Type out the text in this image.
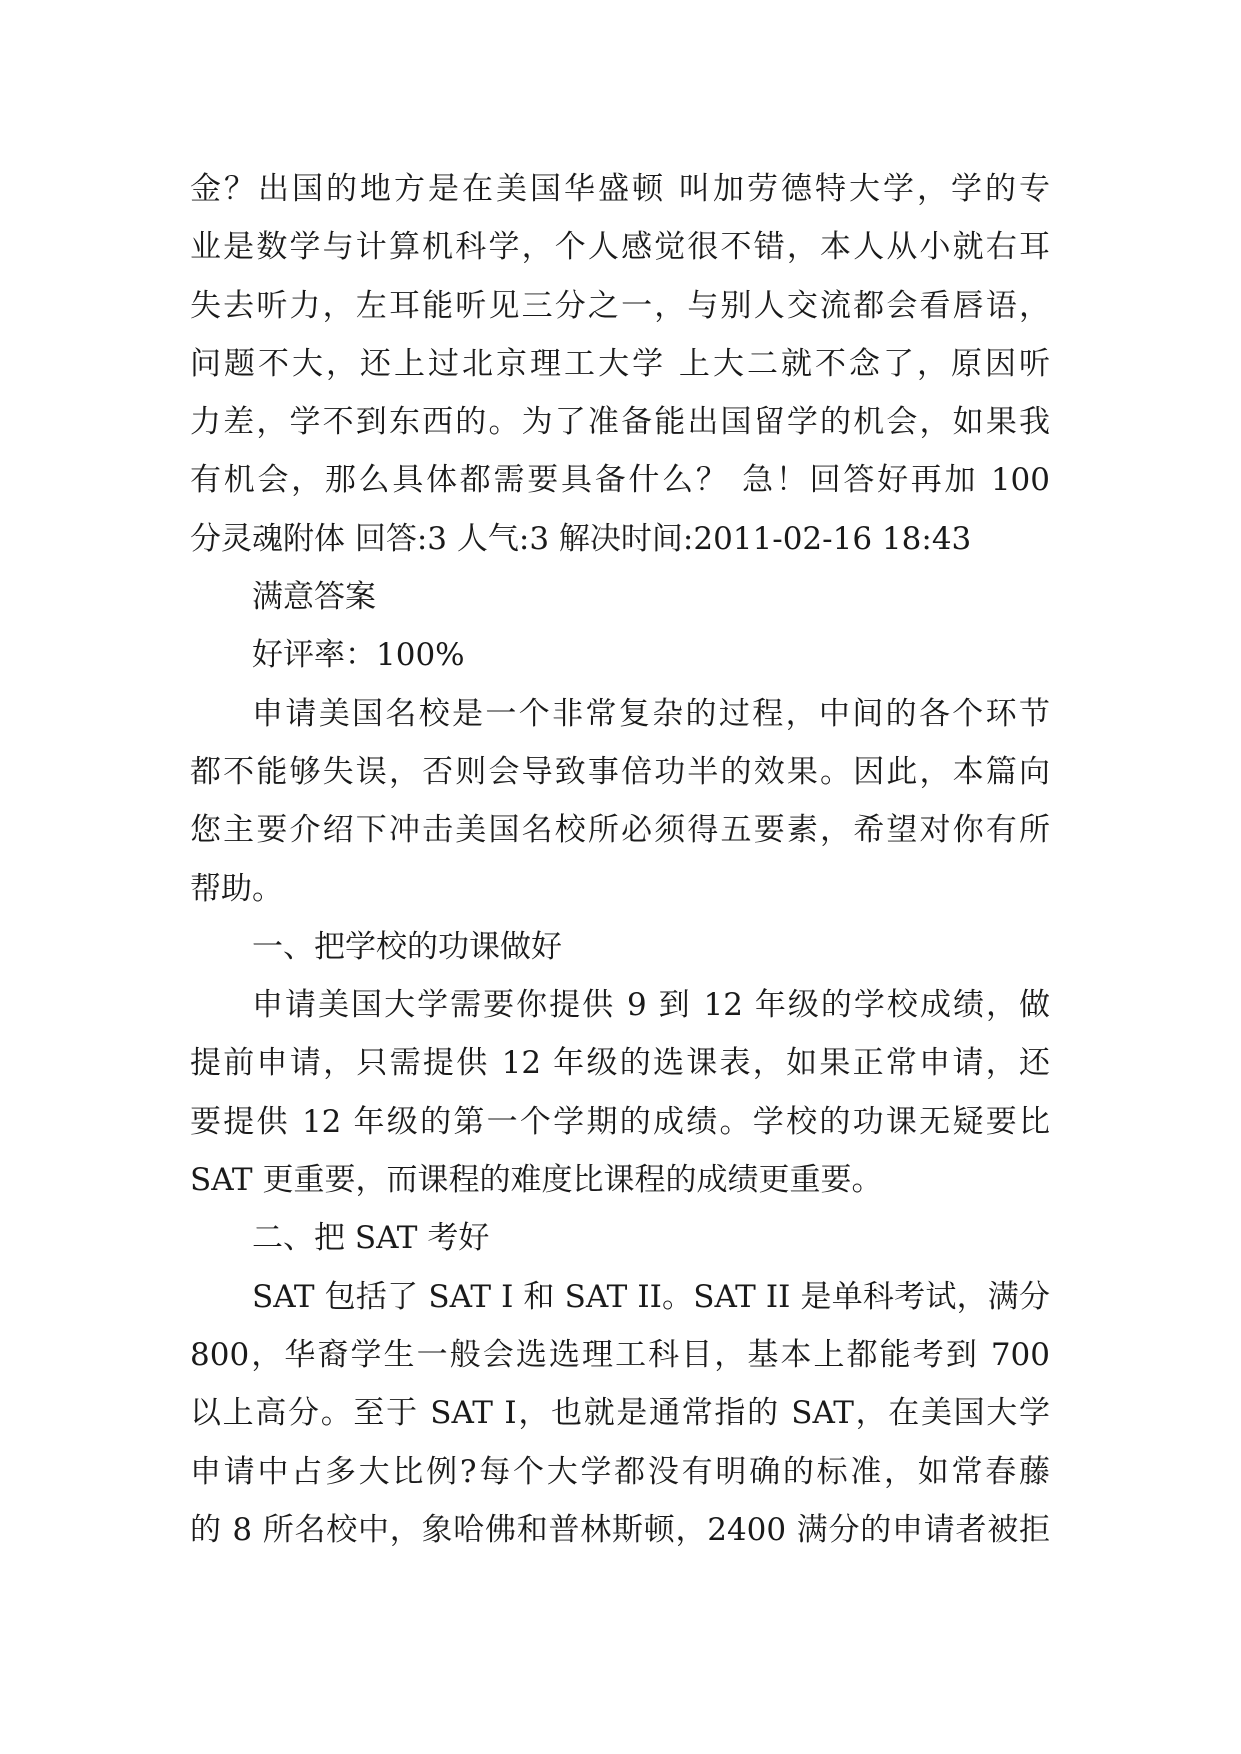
金？出国的地方是在美国华盛顿 叫加劳德特大学，学的专
业是数学与计算机科学，个人感觉很不错，本人从小就右耳
失去听力，左耳能听见三分之一，与别人交流都会看唇语，
问题不大，还上过北京理工大学 上大二就不念了，原因听
力差，学不到东西的。为了准备能出国留学的机会，如果我
有机会，那么具体都需要具备什么？ 急！回答好再加 100
分灵魂附体 回答:3 人气:3 解决时间:2011-02-16 18:43

满意答案

好评率：100%

申请美国名校是一个非常复杂的过程，中间的各个环节
都不能够失误，否则会导致事倍功半的效果。因此，本篇向
您主要介绍下冲击美国名校所必须得五要素，希望对你有所
帮助。

一、把学校的功课做好

申请美国大学需要你提供 9 到 12 年级的学校成绩，做
提前申请，只需提供 12 年级的选课表，如果正常申请，还
要提供 12 年级的第一个学期的成绩。学校的功课无疑要比
SAT 更重要，而课程的难度比课程的成绩更重要。

二、把 SAT 考好

SAT 包括了 SAT I 和 SAT II。SAT II 是单科考试，满分
800，华裔学生一般会选选理工科目，基本上都能考到 700
以上高分。至于 SAT I，也就是通常指的 SAT，在美国大学
申请中占多大比例?每个大学都没有明确的标准，如常春藤
的 8 所名校中，象哈佛和普林斯顿，2400 满分的申请者被拒
